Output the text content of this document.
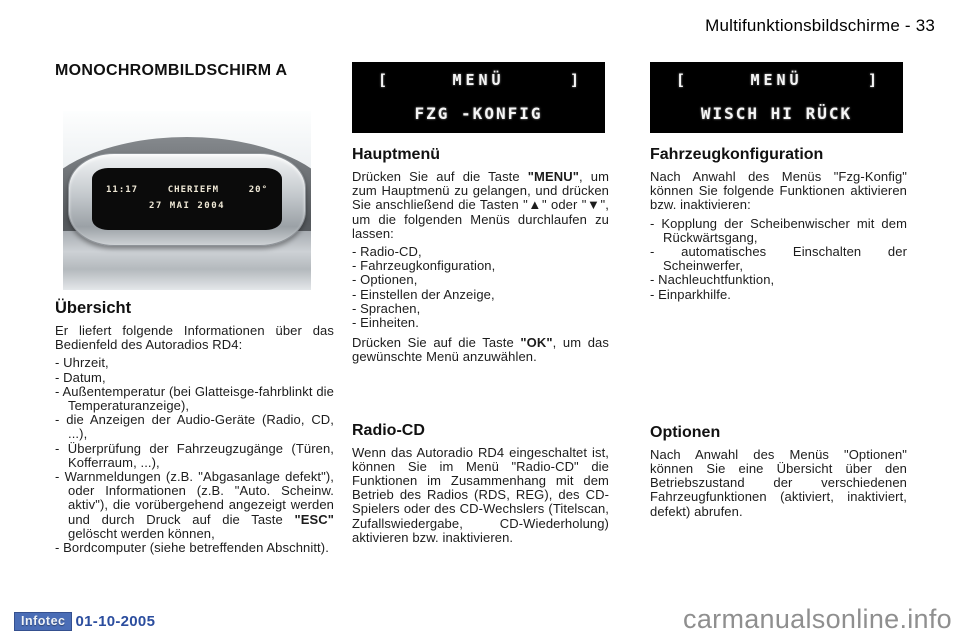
Multifunktionsbildschirme - 33
MONOCHROMBILDSCHIRM A
11:17	CHERIEFM	20°
27 MAI 2004
Übersicht

Er liefert folgende Informationen über das Bedienfeld des Autoradios RD4:

- Uhrzeit,
- Datum,
- Außentemperatur (bei Glatteisge-fahrblinkt die Temperaturanzeige),
- die Anzeigen der Audio-Geräte (Radio, CD, ...),
- Überprüfung der Fahrzeugzugänge (Türen, Kofferraum, ...),
- Warnmeldungen (z.B. "Abgasanlage defekt"), oder Informationen (z.B. "Auto. Scheinw. aktiv"), die vorübergehend angezeigt werden und durch Druck auf die Taste "ESC" gelöscht werden können,
- Bordcomputer (siehe betreffenden Abschnitt).
[	MENÜ	]
FZG -KONFIG
Hauptmenü

Drücken Sie auf die Taste "MENU", um zum Hauptmenü zu gelangen, und drücken Sie anschließend die Tasten "▲" oder "▼", um die folgenden Menüs durchlaufen zu lassen:

- Radio-CD,
- Fahrzeugkonfiguration,
- Optionen,
- Einstellen der Anzeige,
- Sprachen,
- Einheiten.

Drücken Sie auf die Taste "OK", um das gewünschte Menü anzuwählen.

Radio-CD

Wenn das Autoradio RD4 eingeschaltet ist, können Sie im Menü "Radio-CD" die Funktionen im Zusammenhang mit dem Betrieb des Radios (RDS, REG), des CD-Spielers oder des CD-Wechslers (Titelscan, Zufallswiedergabe, CD-Wiederholung) aktivieren bzw. inaktivieren.

[	MENÜ	]
WISCH HI RÜCK
Fahrzeugkonfiguration

Nach Anwahl des Menüs "Fzg-Konfig" können Sie folgende Funktionen aktivieren bzw. inaktivieren:

- Kopplung der Scheibenwischer mit dem Rückwärtsgang,
- automatisches Einschalten der Scheinwerfer,
- Nachleuchtfunktion,
- Einparkhilfe.
Optionen

Nach Anwahl des Menüs "Optionen" können Sie eine Übersicht über den Betriebszustand der verschiedenen Fahrzeugfunktionen (aktiviert, inaktiviert, defekt) abrufen.

Infotec 01-10-2005	carmanualsonline.info
